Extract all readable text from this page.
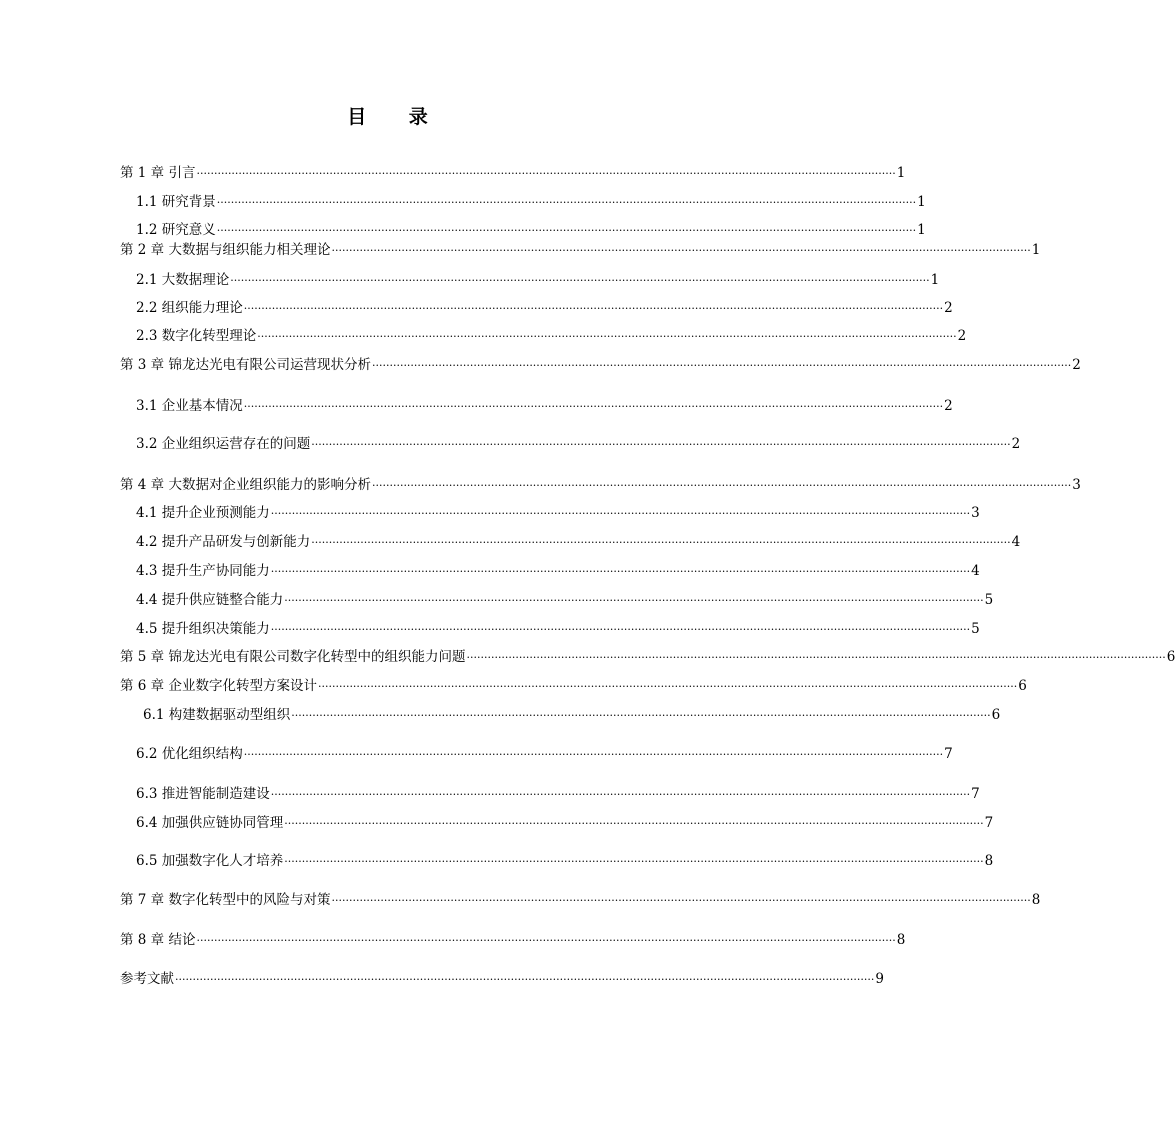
目 录
第 1 章 引言 ········································································································································································································ 1
1.1 研究背景 ········································································································································································································ 1
1.2 研究意义 ········································································································································································································ 1
第 2 章 大数据与组织能力相关理论 ········································································································································································································ 1
2.1 大数据理论 ········································································································································································································ 1
2.2 组织能力理论 ········································································································································································································ 2
2.3 数字化转型理论 ········································································································································································································ 2
第 3 章 锦龙达光电有限公司运营现状分析 ········································································································································································································ 2
3.1 企业基本情况 ········································································································································································································ 2
3.2 企业组织运营存在的问题 ········································································································································································································ 2
第 4 章 大数据对企业组织能力的影响分析 ········································································································································································································ 3
4.1 提升企业预测能力 ········································································································································································································ 3
4.2 提升产品研发与创新能力 ········································································································································································································ 4
4.3 提升生产协同能力 ········································································································································································································ 4
4.4 提升供应链整合能力 ········································································································································································································ 5
4.5 提升组织决策能力 ········································································································································································································ 5
第 5 章 锦龙达光电有限公司数字化转型中的组织能力问题 ········································································································································································································ 6
第 6 章 企业数字化转型方案设计 ········································································································································································································ 6
6.1 构建数据驱动型组织 ········································································································································································································ 6
6.2 优化组织结构 ········································································································································································································ 7
6.3 推进智能制造建设 ········································································································································································································ 7
6.4 加强供应链协同管理 ········································································································································································································ 7
6.5 加强数字化人才培养 ········································································································································································································ 8
第 7 章 数字化转型中的风险与对策 ········································································································································································································ 8
第 8 章 结论 ········································································································································································································ 8
参考文献 ········································································································································································································ 9
